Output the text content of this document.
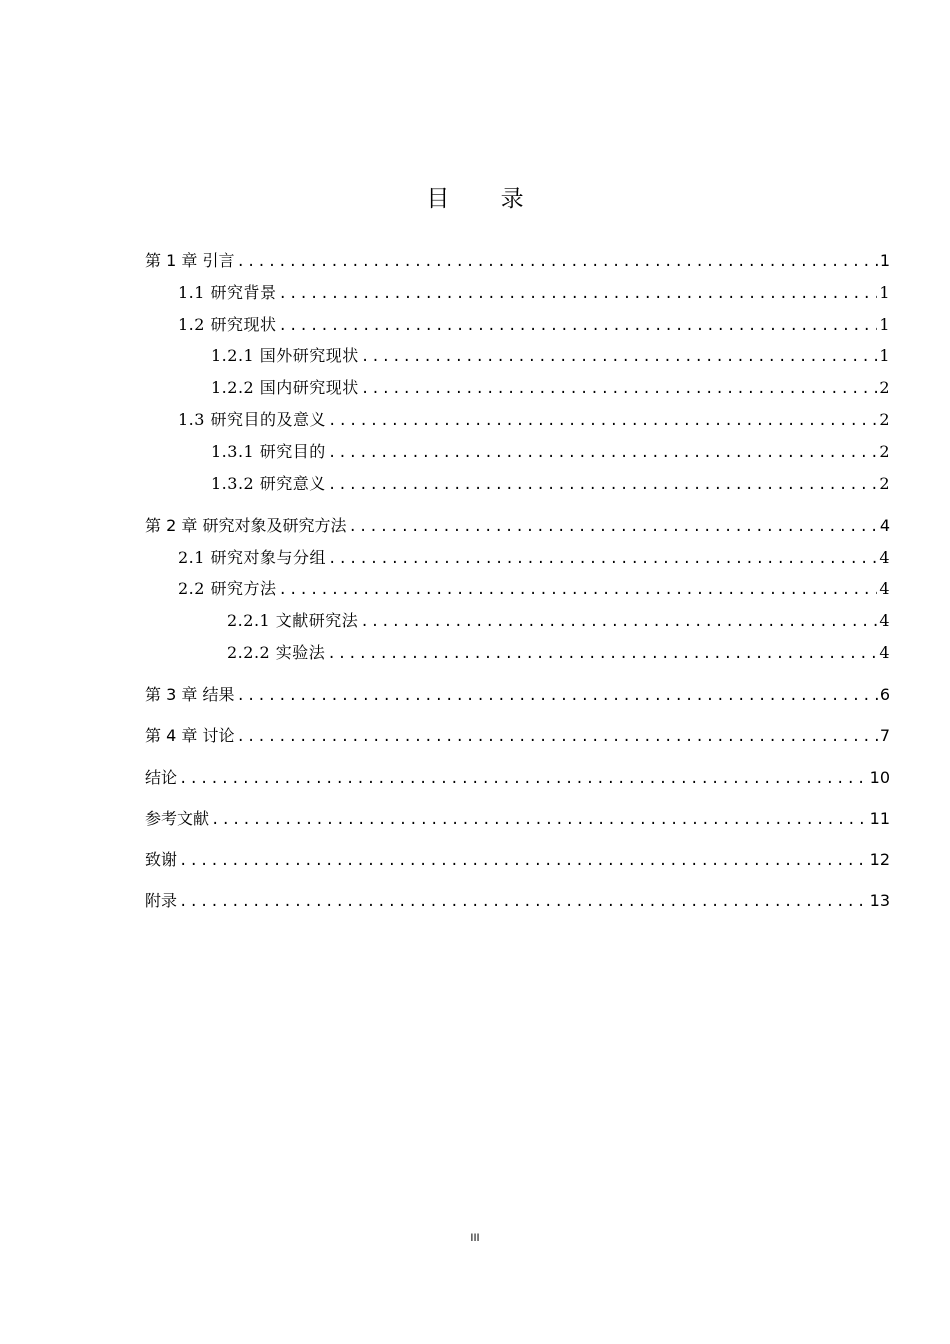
目 录
第 1 章 引言 .....	1
1.1 研究背景 .....	1
1.2 研究现状 .....	1
1.2.1 国外研究现状 .....	1
1.2.2 国内研究现状 .....	2
1.3 研究目的及意义 .....	2
1.3.1 研究目的 .....	2
1.3.2 研究意义 .....	2
第 2 章 研究对象及研究方法 .....	4
2.1 研究对象与分组 .....	4
2.2 研究方法 .....	4
2.2.1 文献研究法 .....	4
2.2.2 实验法 .....	4
第 3 章 结果 .....	6
第 4 章 讨论 .....	7
结论 .....	10
参考文献 .....	11
致谢 .....	12
附录 .....	13
III
